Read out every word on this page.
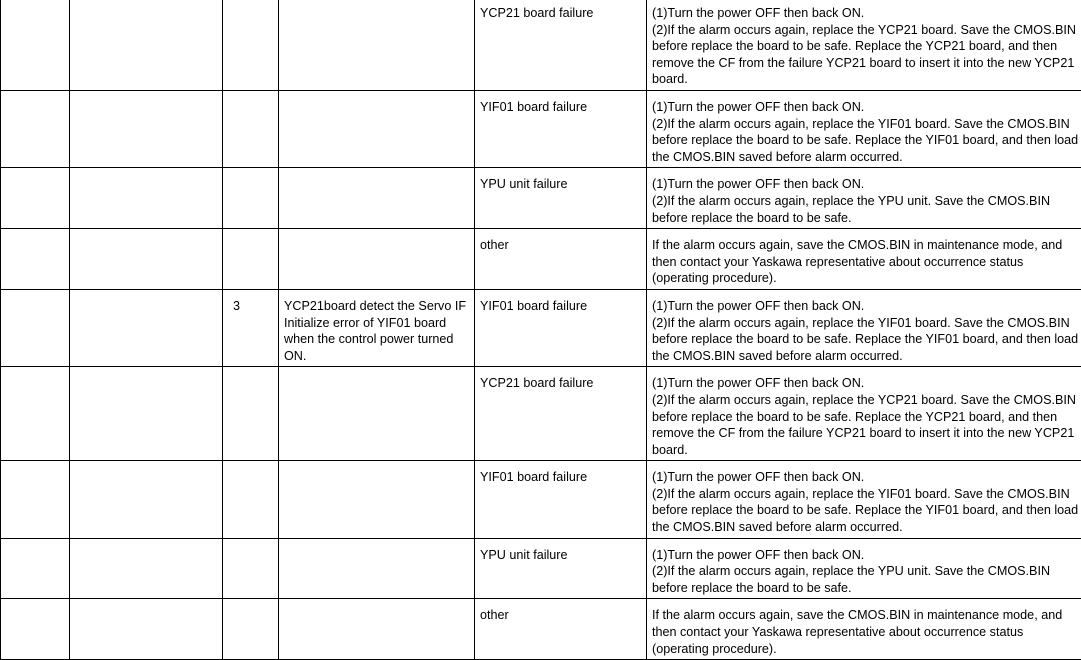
				YCP21 board failure	(1)Turn the power OFF then back ON.
(2)If the alarm occurs again, replace the YCP21 board. Save the CMOS.BIN before replace the board to be safe. Replace the YCP21 board, and then remove the CF from the failure YCP21 board to insert it into the new YCP21 board.
				YIF01 board failure	(1)Turn the power OFF then back ON.
(2)If the alarm occurs again, replace the YIF01 board. Save the CMOS.BIN before replace the board to be safe. Replace the YIF01 board, and then load the CMOS.BIN saved before alarm occurred.
				YPU unit failure	(1)Turn the power OFF then back ON.
(2)If the alarm occurs again, replace the YPU unit. Save the CMOS.BIN before replace the board to be safe.
				other	If the alarm occurs again, save the CMOS.BIN in maintenance mode, and then contact your Yaskawa representative about occurrence status (operating procedure).
		3	YCP21board detect the Servo IF Initialize error of YIF01 board when the control power turned ON.	YIF01 board failure	(1)Turn the power OFF then back ON.
(2)If the alarm occurs again, replace the YIF01 board. Save the CMOS.BIN before replace the board to be safe. Replace the YIF01 board, and then load the CMOS.BIN saved before alarm occurred.
				YCP21 board failure	(1)Turn the power OFF then back ON.
(2)If the alarm occurs again, replace the YCP21 board. Save the CMOS.BIN before replace the board to be safe. Replace the YCP21 board, and then remove the CF from the failure YCP21 board to insert it into the new YCP21 board.
				YIF01 board failure	(1)Turn the power OFF then back ON.
(2)If the alarm occurs again, replace the YIF01 board. Save the CMOS.BIN before replace the board to be safe. Replace the YIF01 board, and then load the CMOS.BIN saved before alarm occurred.
				YPU unit failure	(1)Turn the power OFF then back ON.
(2)If the alarm occurs again, replace the YPU unit. Save the CMOS.BIN before replace the board to be safe.
				other	If the alarm occurs again, save the CMOS.BIN in maintenance mode, and then contact your Yaskawa representative about occurrence status (operating procedure).
